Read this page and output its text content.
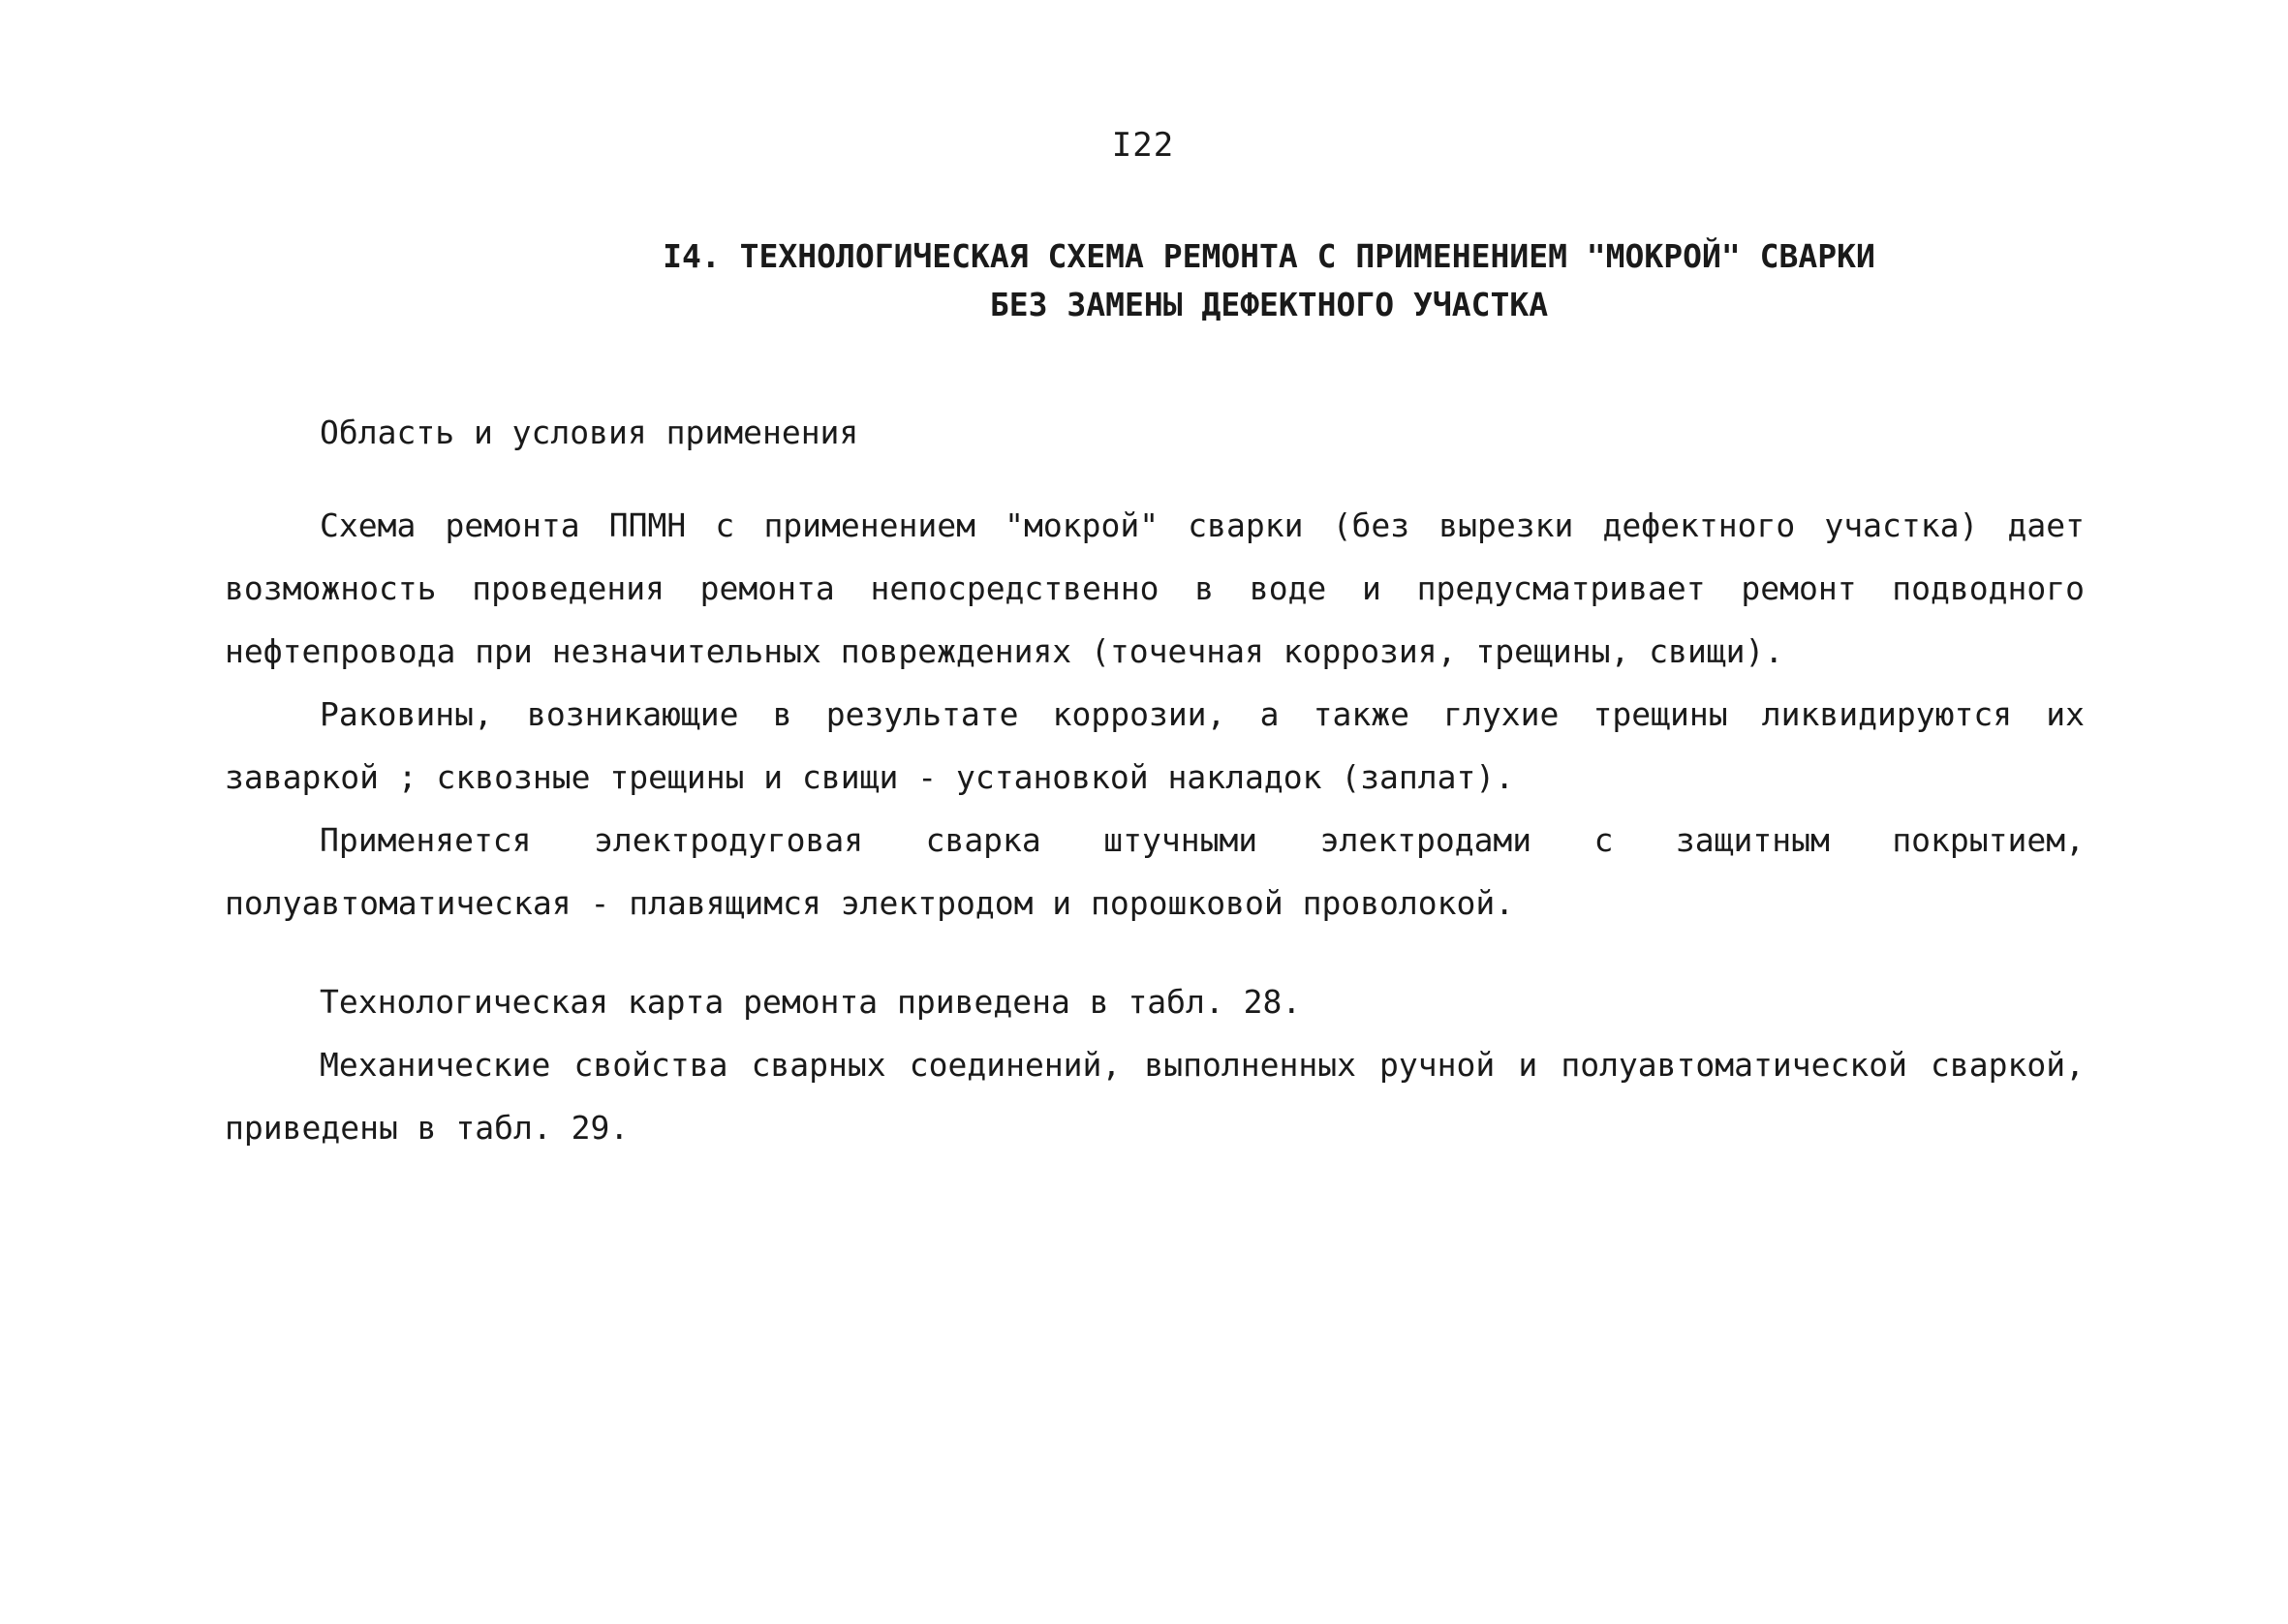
I22
I4. ТЕХНОЛОГИЧЕСКАЯ СХЕМА РЕМОНТА С ПРИМЕНЕНИЕМ "МОКРОЙ" СВАРКИ
БЕЗ ЗАМЕНЫ ДЕФЕКТНОГО УЧАСТКА
Область и условия применения

Схема ремонта ППМН с применением "мокрой" сварки (без вырезки дефектного участка) дает возможность проведения ремонта непосредственно в воде и предусматривает ремонт подводного нефтепровода при незначительных повреждениях (точечная коррозия, трещины, свищи).

Раковины, возникающие в результате коррозии, а также глухие трещины ликвидируются их заваркой ; сквозные трещины и свищи - установкой накладок (заплат).

Применяется электродуговая сварка штучными электродами с защитным покрытием, полуавтоматическая - плавящимся электродом и порошковой проволокой.

Технологическая карта ремонта приведена в табл. 28.

Механические свойства сварных соединений, выполненных ручной и полуавтоматической сваркой, приведены в табл. 29.
